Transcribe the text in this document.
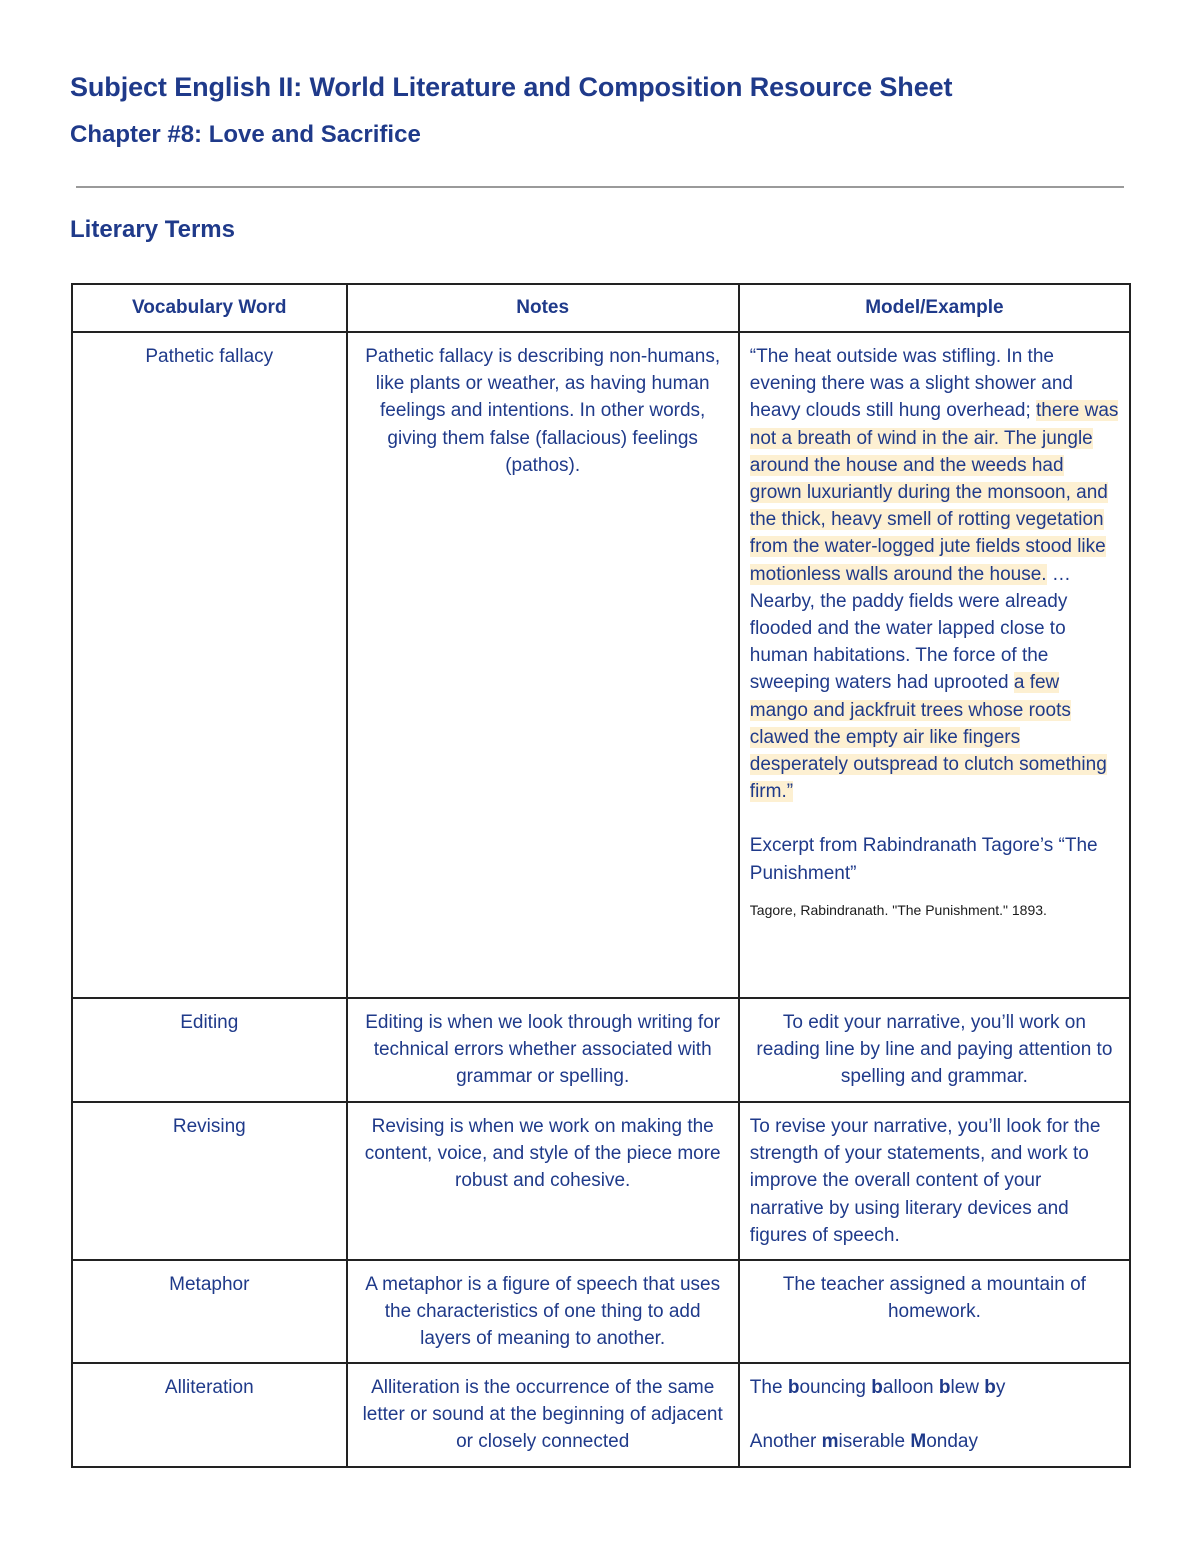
Subject English II: World Literature and Composition Resource Sheet
Chapter #8: Love and Sacrifice
Literary Terms
Vocabulary Word	Notes	Model/Example
Pathetic fallacy	Pathetic fallacy is describing non-humans, like plants or weather, as having human feelings and intentions. In other words, giving them false (fallacious) feelings (pathos).	“The heat outside was stifling. In the evening there was a slight shower and heavy clouds still hung overhead; there was not a breath of wind in the air. The jungle around the house and the weeds had grown luxuriantly during the monsoon, and the thick, heavy smell of rotting vegetation from the water-logged jute fields stood like motionless walls around the house. … Nearby, the paddy fields were already flooded and the water lapped close to human habitations. The force of the sweeping waters had uprooted a few mango and jackfruit trees whose roots clawed the empty air like fingers desperately outspread to clutch something firm.”
Excerpt from Rabindranath Tagore’s “The Punishment”
Tagore, Rabindranath. "The Punishment." 1893.

Editing	Editing is when we look through writing for technical errors whether associated with grammar or spelling.	To edit your narrative, you’ll work on reading line by line and paying attention to spelling and grammar.
Revising	Revising is when we work on making the content, voice, and style of the piece more robust and cohesive.	To revise your narrative, you’ll look for the strength of your statements, and work to improve the overall content of your narrative by using literary devices and figures of speech.
Metaphor	A metaphor is a figure of speech that uses the characteristics of one thing to add layers of meaning to another.	The teacher assigned a mountain of homework.
Alliteration	Alliteration is the occurrence of the same letter or sound at the beginning of adjacent or closely connected	The bouncing balloon blew by
Another miserable Monday
